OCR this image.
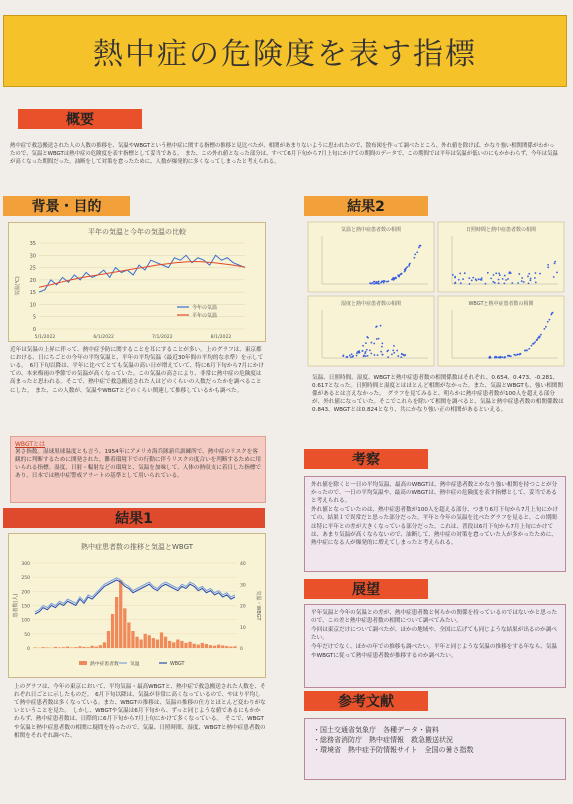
熱中症の危険度を表す指標
概要
熱中症で救急搬送された人の人数の推移を、気温やWBGTという熱中症に関する指標の推移と見比べたが、相関があまりないように思われたので、散布図を作って調べたところ、外れ値を除けば、かなり強い相関関係がわかったので、気温とWBGTは熱中症の危険度を表す指標として妥当である。　また、この外れ値となった部分は、すべて6月下旬から7月上旬にかけての期間のデータで、この期間では平年は気温が低いのにもかかわらず、今年は気温が高くなった期間だった。油断をして対策を怠ったために、人数が爆発的に多くなってしまったと考えられる。
背景・目的
平年の気温と今年の気温の比較
0
5
10
15
20
25
30
35
気温(℃)
5/1/2022	6/1/2022	7/1/2022	8/1/2022
今年の気温
平年の気温
近年は気温の上昇に伴って、熱中症予防に関することを耳にすることが多い。上のグラフは、東京都における、日にちごとの今年の平均気温と、平年の平均気温（最近30年間の平均的な水準）を示している。　6月下旬以降は、平年に比べてとても気温の高い日が増えていて、特に6月下旬から7月にかけての、本来梅雨の季節での気温が高くなっていた。この気温の高さにより、非常に熱中症の危険度は高まったと思われる。そこで、熱中症で救急搬送された人はどのくらいの人数だったかを調べることにした。　また、この人数が、気温やWBGTとどのくらい関連して推移しているかも調べた。
WBGTとは
暑さ指数。湿球黒球温度とも言う。1954年にアメリカ海兵隊新兵訓練所で、熱中症のリスクを客観的に判断するために開発された。難着環境下での行動に伴うリスクの度合いを判断するために用いられる指標。湿度、日射・輻射などの環境と、気温を加味して、人体の熱収支に着目した指標であり、日本では熱中症警戒アラートの基準として用いられている。
結果1
熱中症患者数の推移と気温とWBGT
0
50
100
150
200
250
300
0
10
20
30
40
患者数(人)	気温・WBGT
熱中症患者数 気温	WBGT
上のグラフは、今年の東京において、平均気温・最高WBGTと、熱中症で救急搬送された人数を、それぞれ日ごとに示したものだ。　6月下旬以降は、気温が非常に高くなっているので、やはり平均して熱中症患者数は多くなっている。また、WBGTの推移は、気温の推移の仕方とほとんど変わりがないということを見た。　しかし、WBGTや気温は6月下旬から、ずっと同じような値であるにもかかわらず、熱中症患者数は、日際的に6月下旬から7月上旬にかけて多くなっている。　そこで、WBGTや気温と熱中症患者数の相関に疑問を持ったので、気温、日照時間、湿度、WBGTと熱中症患者数の相関をそれぞれ調べた。
結果2
気温と熱中症患者数の相関	日照時間と熱中症患者数の相関
湿度と熱中症患者数の相関	WBGTと熱中症患者数の相関
気温、日照時間、湿度、WBGTと熱中症患者数の相関係数はそれぞれ、0.654、0.473、-0.281、0.617となった。日照時間と湿度とはほとんど相関がなかった。また、気温とWBGTも、強い相関関係があるとは言えなかった。　グラフを見てみると、明らかに熱中症患者数が100人を超える部分が、外れ値になっていた。そこでこれらを除いて相関を調べると、気温と熱中症患者数の相関係数は0.843、WBGTとは0.824となり、共にかなり強い正の相関があるといえる。
考察
外れ値を除くと一日の平均気温、最高のWBGTは、熱中症患者数とかなり強い相関を持つことが分かったので、一日の平均気温や、最高のWBGTは、熱中症の危険度を表す指標として、妥当であると考えられる。
外れ値となっていたのは、熱中症患者数が100人を超える部分、つまり6月下旬から7月上旬にかけての、結果１で異常だと思った部分だった。平年と今年の気温を比べたグラフを見ると、この期間は特に平年との差が大きくなっている部分だった。これは、普段は6月下旬から7月上旬にかけては、あまり気温が高くならないので、油断して、熱中症の対策を怠っていた人が多かったために、熱中症になる人が爆発的に増えてしまったと考えられる。
展望
平年気温と今年の気温との差が、熱中症患者数と何らかの関係を持っているのではないかと思ったので、この差と熱中症患者数の相関について調べてみたい。
今回は東京だけについて調べたが、ほかの地域や、全国に広げても同じような結果が出るのか調べたい。
今年だけでなく、ほかの年での推移も調べたい。平年と同じような気温の推移をする年なら、気温やWBGTに従って熱中症患者数が推移するのか調べたい。
参考文献
・国土交通省気象庁　各種データ・資料
・総務省消防庁　熱中症情報　救急搬送状況
・環境省　熱中症予防情報サイト　全国の暑さ指数
